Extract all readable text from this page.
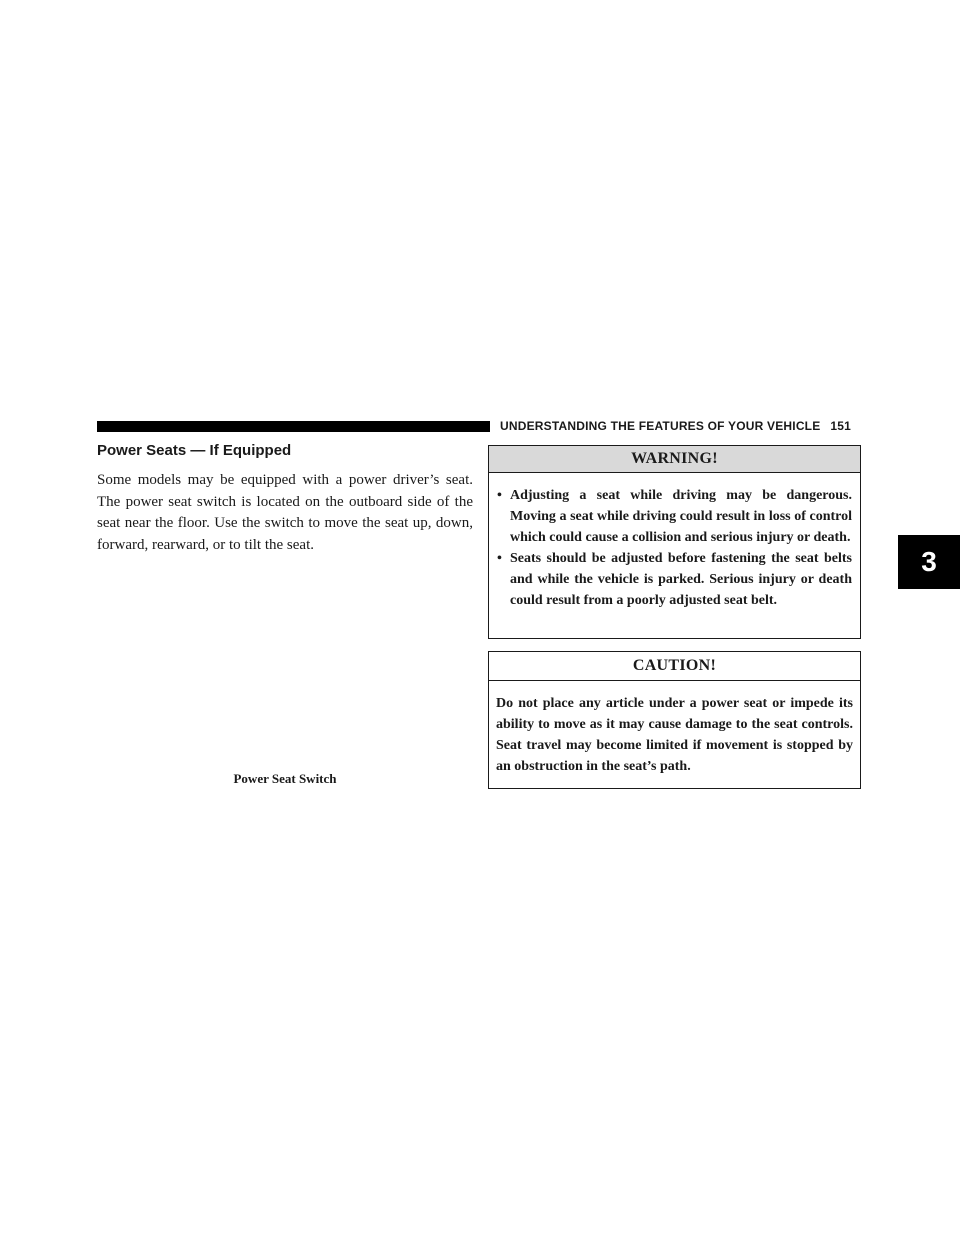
UNDERSTANDING THE FEATURES OF YOUR VEHICLE 151
3
Power Seats — If Equipped
Some models may be equipped with a power driver’s seat. The power seat switch is located on the outboard side of the seat near the floor. Use the switch to move the seat up, down, forward, rearward, or to tilt the seat.
Power Seat Switch
WARNING!
• Adjusting a seat while driving may be dangerous. Moving a seat while driving could result in loss of control which could cause a collision and serious injury or death.
• Seats should be adjusted before fastening the seat belts and while the vehicle is parked. Serious injury or death could result from a poorly adjusted seat belt.
CAUTION!

Do not place any article under a power seat or impede its ability to move as it may cause damage to the seat controls. Seat travel may become limited if movement is stopped by an obstruction in the seat’s path.
